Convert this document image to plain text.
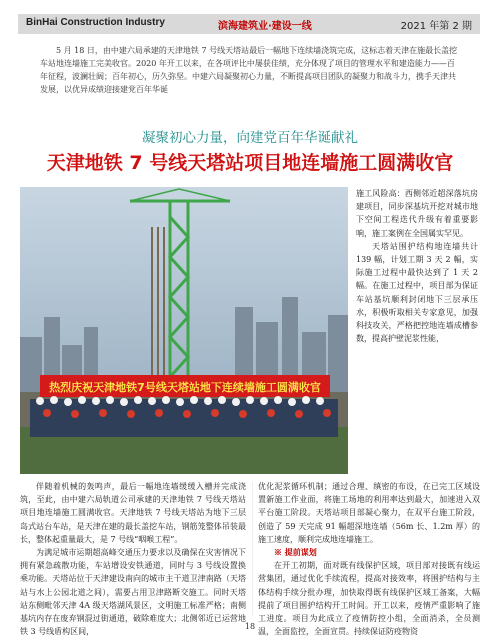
BinHai Construction Industry	滨海建筑业·建设一线	2021 年第 2 期
5 月 18 日，由中建六局承建的天津地铁 7 号线天塔站最后一幅地下连续墙浇筑完成，这标志着天津在施最长盖挖车站地连墙施工完美收官。2020 年开工以来，在各项评比中屡获佳绩，充分体现了项目的管理水平和建造能力——百年征程，波澜壮阔；百年初心，历久弥坚。中建六局凝聚初心力量，不断提高项目团队的凝聚力和战斗力，携手天津共发展，以优异成绩迎接建党百年华诞
凝聚初心力量，向建党百年华诞献礼
天津地铁 7 号线天塔站项目地连墙施工圆满收官
热烈庆祝天津地铁7号线天塔站地下连续墙施工圆满收官

施工风险高：西侧邻近超深落坑房建项目，同步深基坑开挖对城市地下空间工程迭代升级有着重要影响，施工案例在全国属实罕见。

天塔站围护结构地连墙共计 139 幅，计划工期 3 天 2 幅，实际施工过程中最快达到了 1 天 2 幅。在施工过程中，项目部为保证车站基坑顺利封闭地下三层承压水，积极听取相关专家意见，加强科技攻关，严格把控地连墙成槽参数，提高护壁泥浆性能，

伴随着机械的轰鸣声，最后一幅地连墙缓缓入槽并完成浇筑，至此，由中建六局轨道公司承建的天津地铁 7 号线天塔站项目地连墙施工圆满收官。天津地铁 7 号线天塔站为地下三层岛式站台车站，是天津在建的最长盖挖车站，钢筋笼整体吊装最长，整体起重量最大，是 7 号线“咽喉工程”。

为满足城市运期超高峰交通压力要求以及确保在灾害情况下拥有紧急疏散功能，车站增设安铁通道，同时与 3 号线设置换乘功能。天塔站位于天津建设南向的城市主干道卫津南路（天塔站与水上公园北道之间），需要占用卫津路断交施工。同时天塔站东侧毗邻天津 4A 级天塔湖风景区，文明施工标准严格；南侧基坑内存在废弃钢混过街通道，破除难度大；北侧邻近已运营地铁 3 号线盾构区间，

优化泥浆循环机制；通过合理、缜密的布设，在已完工区域设置新施工作业面，将施工场地的利用率达到最大，加速进入双平台施工阶段。天塔站项目部凝心聚力，在双平台施工阶段，创造了 59 天完成 91 幅超深地连墙（56m 长、1.2m 厚）的施工速度，顺利完成地连墙施工。

※ 提前谋划

在开工初期，面对既有线保护区域，项目部对接既有线运营集团，通过优化手续流程，提高对接效率，将围护结构与主体结构手续分批办理，加快取得既有线保护区域工备案，大幅提前了项目围护结构开工时间。开工以来，疫情严重影响了施工进度。项目为此成立了疫情防控小组，全面消杀，全员测温，全面监控，全面宣贯。持续保证防疫物资

18
